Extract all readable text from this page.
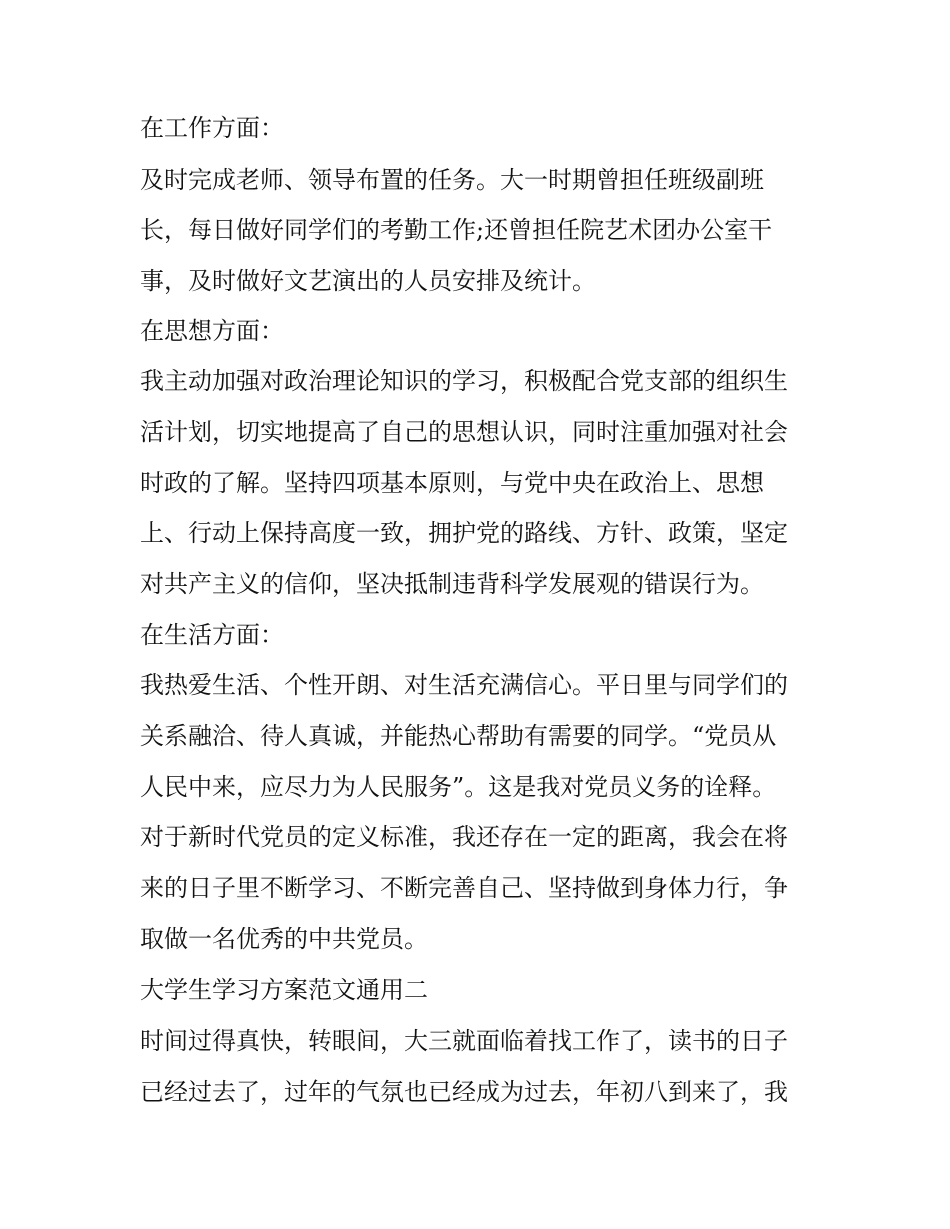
在工作方面：

及时完成老师、领导布置的任务。大一时期曾担任班级副班

长，每日做好同学们的考勤工作;还曾担任院艺术团办公室干

事，及时做好文艺演出的人员安排及统计。

在思想方面：

我主动加强对政治理论知识的学习，积极配合党支部的组织生

活计划，切实地提高了自己的思想认识，同时注重加强对社会

时政的了解。坚持四项基本原则，与党中央在政治上、思想

上、行动上保持高度一致，拥护党的路线、方针、政策，坚定

对共产主义的信仰，坚决抵制违背科学发展观的错误行为。

在生活方面：

我热爱生活、个性开朗、对生活充满信心。平日里与同学们的

关系融洽、待人真诚，并能热心帮助有需要的同学。“党员从

人民中来，应尽力为人民服务”。这是我对党员义务的诠释。

对于新时代党员的定义标准，我还存在一定的距离，我会在将

来的日子里不断学习、不断完善自己、坚持做到身体力行，争

取做一名优秀的中共党员。

大学生学习方案范文通用二

时间过得真快，转眼间，大三就面临着找工作了，读书的日子

已经过去了，过年的气氛也已经成为过去，年初八到来了，我
